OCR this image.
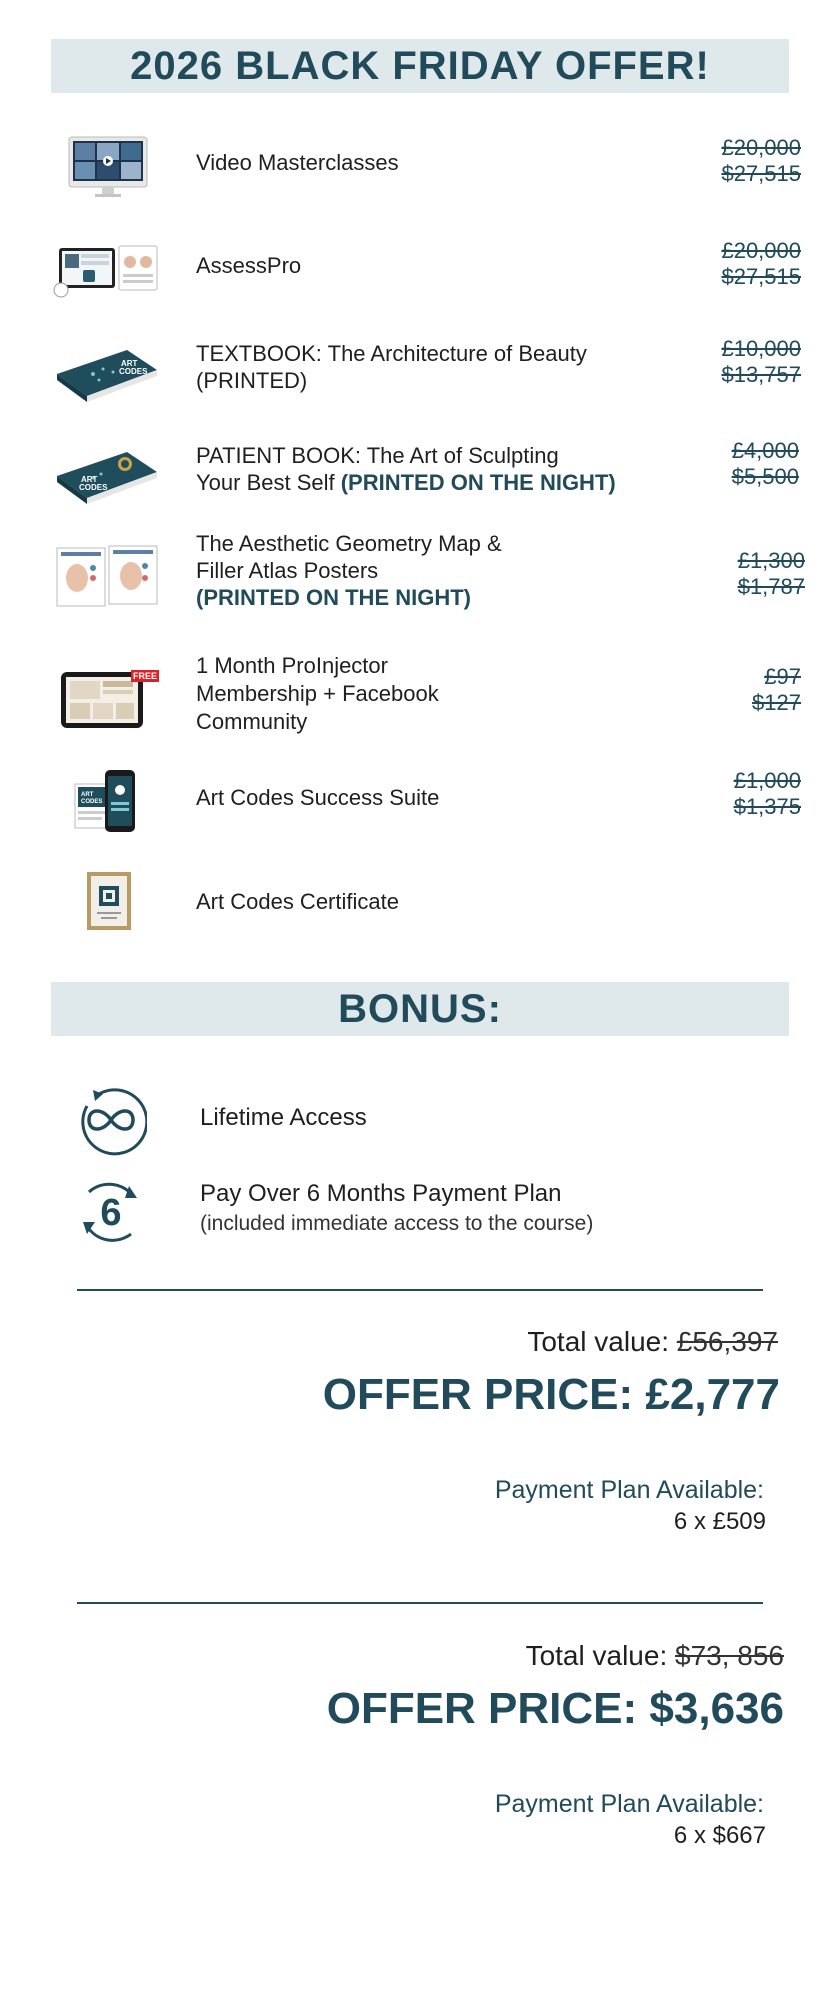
2026 BLACK FRIDAY OFFER!
Video Masterclasses
£20,000
$27,515
AssessPro
£20,000
$27,515
ART
CODES
TEXTBOOK: The Architecture of Beauty
(PRINTED)
£10,000
$13,757
ART
CODES
PATIENT BOOK: The Art of Sculpting
Your Best Self (PRINTED ON THE NIGHT)
£4,000
$5,500
The Aesthetic Geometry Map &
Filler Atlas Posters
(PRINTED ON THE NIGHT)
£1,300
$1,787
FREE 1 Month ProInjector
Membership + Facebook
Community
£97
$127
ART
CODES	Art Codes Success Suite
£1,000
$1,375
Art Codes Certificate
BONUS:
Lifetime Access
6	Pay Over 6 Months Payment Plan
(included immediate access to the course)
Total value: £56,397
OFFER PRICE: £2,777
Payment Plan Available:
6 x £509
Total value: $73, 856
OFFER PRICE: $3,636
Payment Plan Available:
6 x $667
